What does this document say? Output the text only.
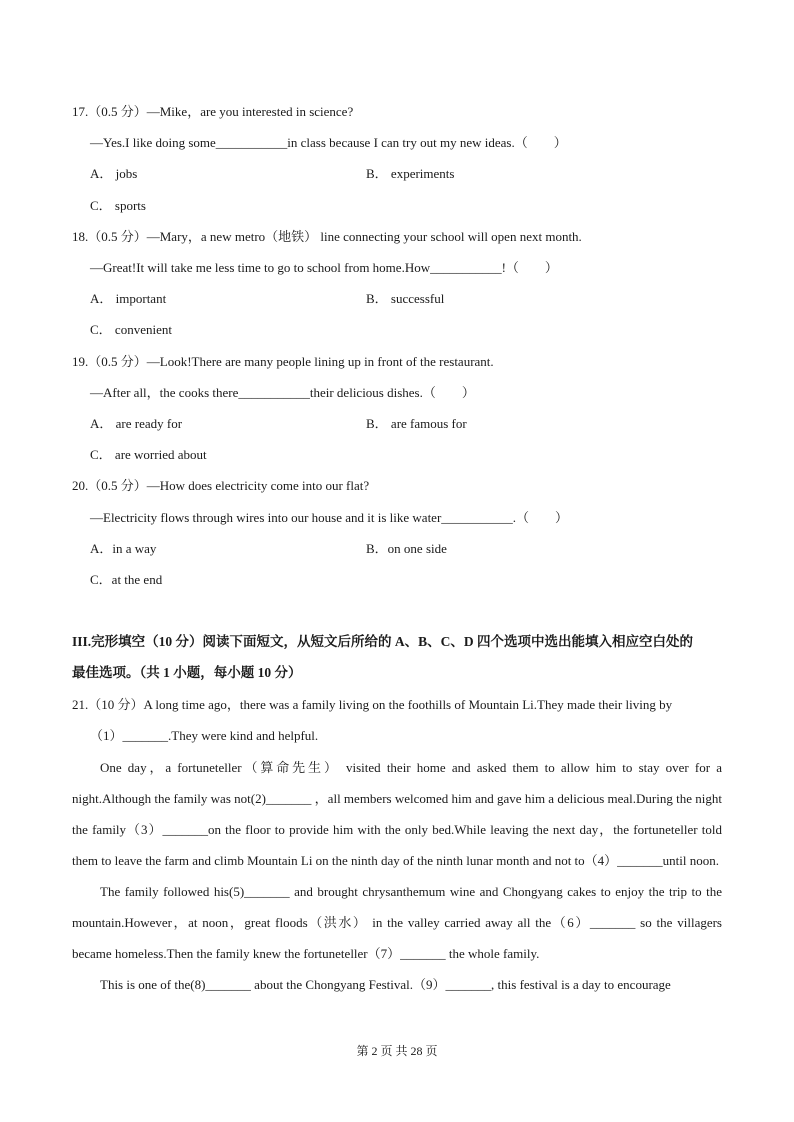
17.（0.5 分）—Mike，are you interested in science?
—Yes.I like doing some___________in class because I can try out my new ideas.（　　）
A． jobs	B． experiments
C． sports
18.（0.5 分）—Mary，a new metro（地铁） line connecting your school will open next month.
—Great!It will take me less time to go to school from home.How___________!（　　）
A． important	B． successful
C． convenient
19.（0.5 分）—Look!There are many people lining up in front of the restaurant.
—After all，the cooks there___________their delicious dishes.（　　）
A． are ready for	B． are famous for
C． are worried about
20.（0.5 分）—How does electricity come into our flat?
—Electricity flows through wires into our house and it is like water___________.（　　）
A．in a way	B．on one side
C．at the end
III.完形填空（10 分）阅读下面短文，从短文后所给的 A、B、C、D 四个选项中选出能填入相应空白处的
最佳选项。（共 1 小题，每小题 10 分）
21.（10 分）A long time ago，there was a family living on the foothills of Mountain Li.They made their living by
（1）_______.They were kind and helpful.

One day，a fortuneteller（算命先生） visited their home and asked them to allow him to stay over for a night.Although the family was not(2)_______ ，all members welcomed him and gave him a delicious meal.During the night the family（3）_______on the floor to provide him with the only bed.While leaving the next day，the fortuneteller told them to leave the farm and climb Mountain Li on the ninth day of the ninth lunar month and not to（4）_______until noon.

The family followed his(5)_______ and brought chrysanthemum wine and Chongyang cakes to enjoy the trip to the mountain.However，at noon，great floods（洪水） in the valley carried away all the（6）_______ so the villagers became homeless.Then the family knew the fortuneteller（7）_______ the whole family.

This is one of the(8)_______ about the Chongyang Festival.（9）_______, this festival is a day to encourage

第 2 页 共 28 页
